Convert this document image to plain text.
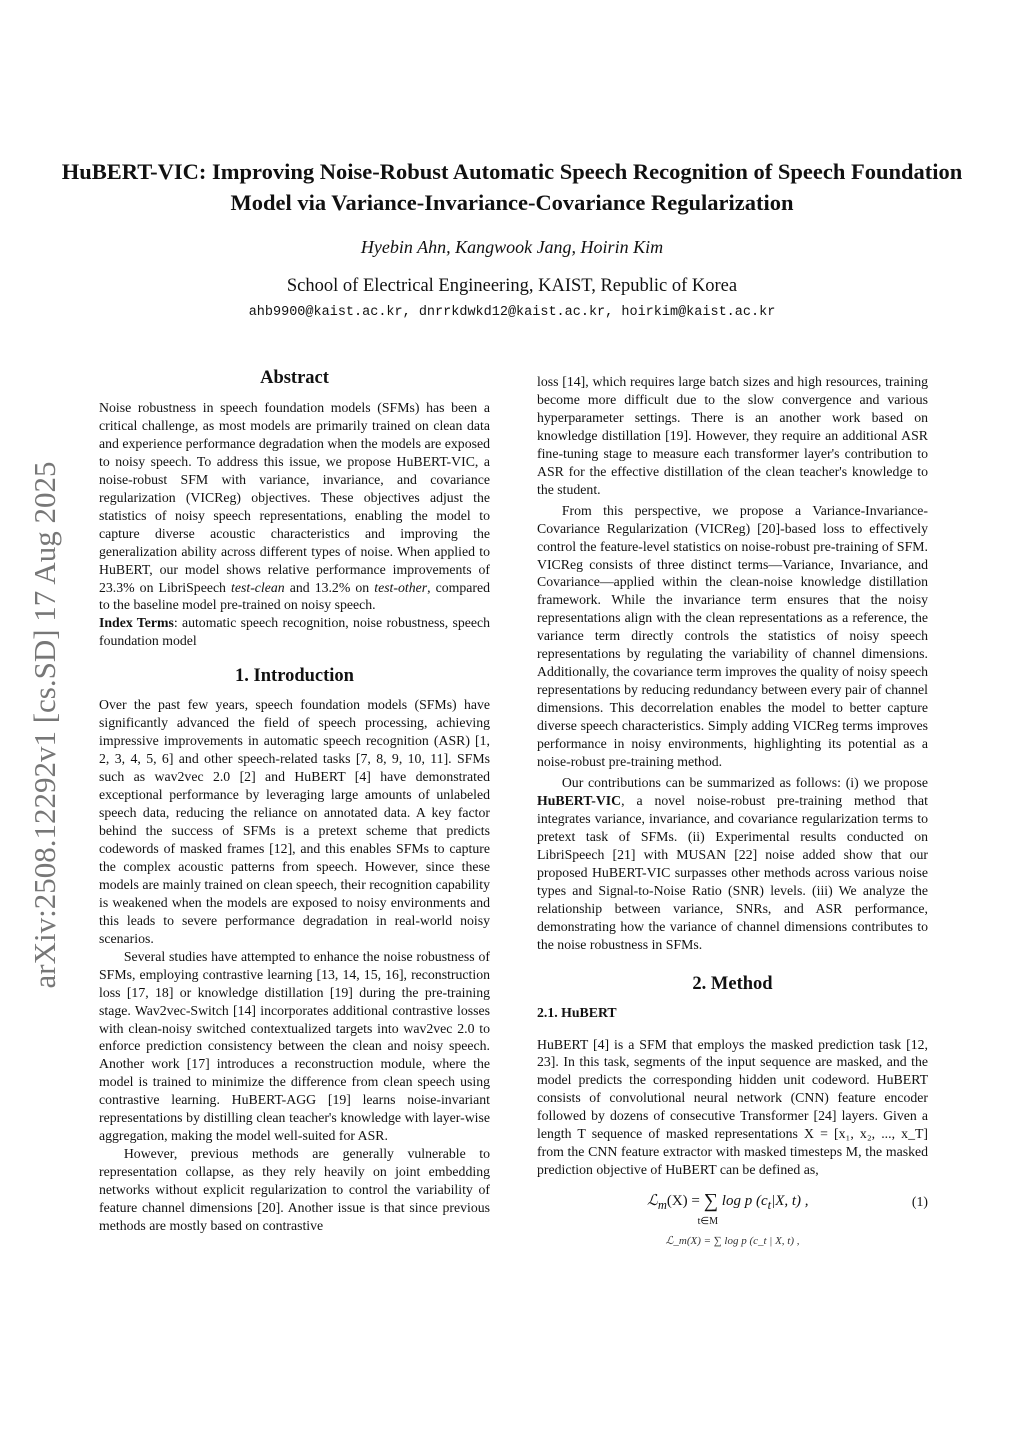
HuBERT-VIC: Improving Noise-Robust Automatic Speech Recognition of Speech Foundation Model via Variance-Invariance-Covariance Regularization
Hyebin Ahn, Kangwook Jang, Hoirin Kim
School of Electrical Engineering, KAIST, Republic of Korea
ahb9900@kaist.ac.kr, dnrrkdwkd12@kaist.ac.kr, hoirkim@kaist.ac.kr
arXiv:2508.12292v1 [cs.SD] 17 Aug 2025
Abstract

Noise robustness in speech foundation models (SFMs) has been a critical challenge, as most models are primarily trained on clean data and experience performance degradation when the models are exposed to noisy speech. To address this issue, we propose HuBERT-VIC, a noise-robust SFM with variance, invariance, and covariance regularization (VICReg) objectives. These objectives adjust the statistics of noisy speech representations, enabling the model to capture diverse acoustic characteristics and improving the generalization ability across different types of noise. When applied to HuBERT, our model shows relative performance improvements of 23.3% on LibriSpeech test-clean and 13.2% on test-other, compared to the baseline model pre-trained on noisy speech.

Index Terms: automatic speech recognition, noise robustness, speech foundation model

1. Introduction

Over the past few years, speech foundation models (SFMs) have significantly advanced the field of speech processing, achieving impressive improvements in automatic speech recognition (ASR) [1, 2, 3, 4, 5, 6] and other speech-related tasks [7, 8, 9, 10, 11]. SFMs such as wav2vec 2.0 [2] and HuBERT [4] have demonstrated exceptional performance by leveraging large amounts of unlabeled speech data, reducing the reliance on annotated data. A key factor behind the success of SFMs is a pretext scheme that predicts codewords of masked frames [12], and this enables SFMs to capture the complex acoustic patterns from speech. However, since these models are mainly trained on clean speech, their recognition capability is weakened when the models are exposed to noisy environments and this leads to severe performance degradation in real-world noisy scenarios.

Several studies have attempted to enhance the noise robustness of SFMs, employing contrastive learning [13, 14, 15, 16], reconstruction loss [17, 18] or knowledge distillation [19] during the pre-training stage. Wav2vec-Switch [14] incorporates additional contrastive losses with clean-noisy switched contextualized targets into wav2vec 2.0 to enforce prediction consistency between the clean and noisy speech. Another work [17] introduces a reconstruction module, where the model is trained to minimize the difference from clean speech using contrastive learning. HuBERT-AGG [19] learns noise-invariant representations by distilling clean teacher's knowledge with layer-wise aggregation, making the model well-suited for ASR.

However, previous methods are generally vulnerable to representation collapse, as they rely heavily on joint embedding networks without explicit regularization to control the variability of feature channel dimensions [20]. Another issue is that since previous methods are mostly based on contrastive

loss [14], which requires large batch sizes and high resources, training become more difficult due to the slow convergence and various hyperparameter settings. There is an another work based on knowledge distillation [19]. However, they require an additional ASR fine-tuning stage to measure each transformer layer's contribution to ASR for the effective distillation of the clean teacher's knowledge to the student.

From this perspective, we propose a Variance-Invariance-Covariance Regularization (VICReg) [20]-based loss to effectively control the feature-level statistics on noise-robust pre-training of SFM. VICReg consists of three distinct terms—Variance, Invariance, and Covariance—applied within the clean-noise knowledge distillation framework. While the invariance term ensures that the noisy representations align with the clean representations as a reference, the variance term directly controls the statistics of noisy speech representations by regulating the variability of channel dimensions. Additionally, the covariance term improves the quality of noisy speech representations by reducing redundancy between every pair of channel dimensions. This decorrelation enables the model to better capture diverse speech characteristics. Simply adding VICReg terms improves performance in noisy environments, highlighting its potential as a noise-robust pre-training method.

Our contributions can be summarized as follows: (i) we propose HuBERT-VIC, a novel noise-robust pre-training method that integrates variance, invariance, and covariance regularization terms to pretext task of SFMs. (ii) Experimental results conducted on LibriSpeech [21] with MUSAN [22] noise added show that our proposed HuBERT-VIC surpasses other methods across various noise types and Signal-to-Noise Ratio (SNR) levels. (iii) We analyze the relationship between variance, SNRs, and ASR performance, demonstrating how the variance of channel dimensions contributes to the noise robustness in SFMs.

2. Method
2.1. HuBERT

HuBERT [4] is a SFM that employs the masked prediction task [12, 23]. In this task, segments of the input sequence are masked, and the model predicts the corresponding hidden unit codeword. HuBERT consists of convolutional neural network (CNN) feature encoder followed by dozens of consecutive Transformer [24] layers. Given a length T sequence of masked representations X = [x₁, x₂, ..., x_T] from the CNN feature extractor with masked timesteps M, the masked prediction objective of HuBERT can be defined as,

ℒ$_m$(X) = ∑
t∈M
log p ($c_t|X$, t) ,	(1)
ℒ_m(X) = ∑ log p (c_t | X, t) ,
